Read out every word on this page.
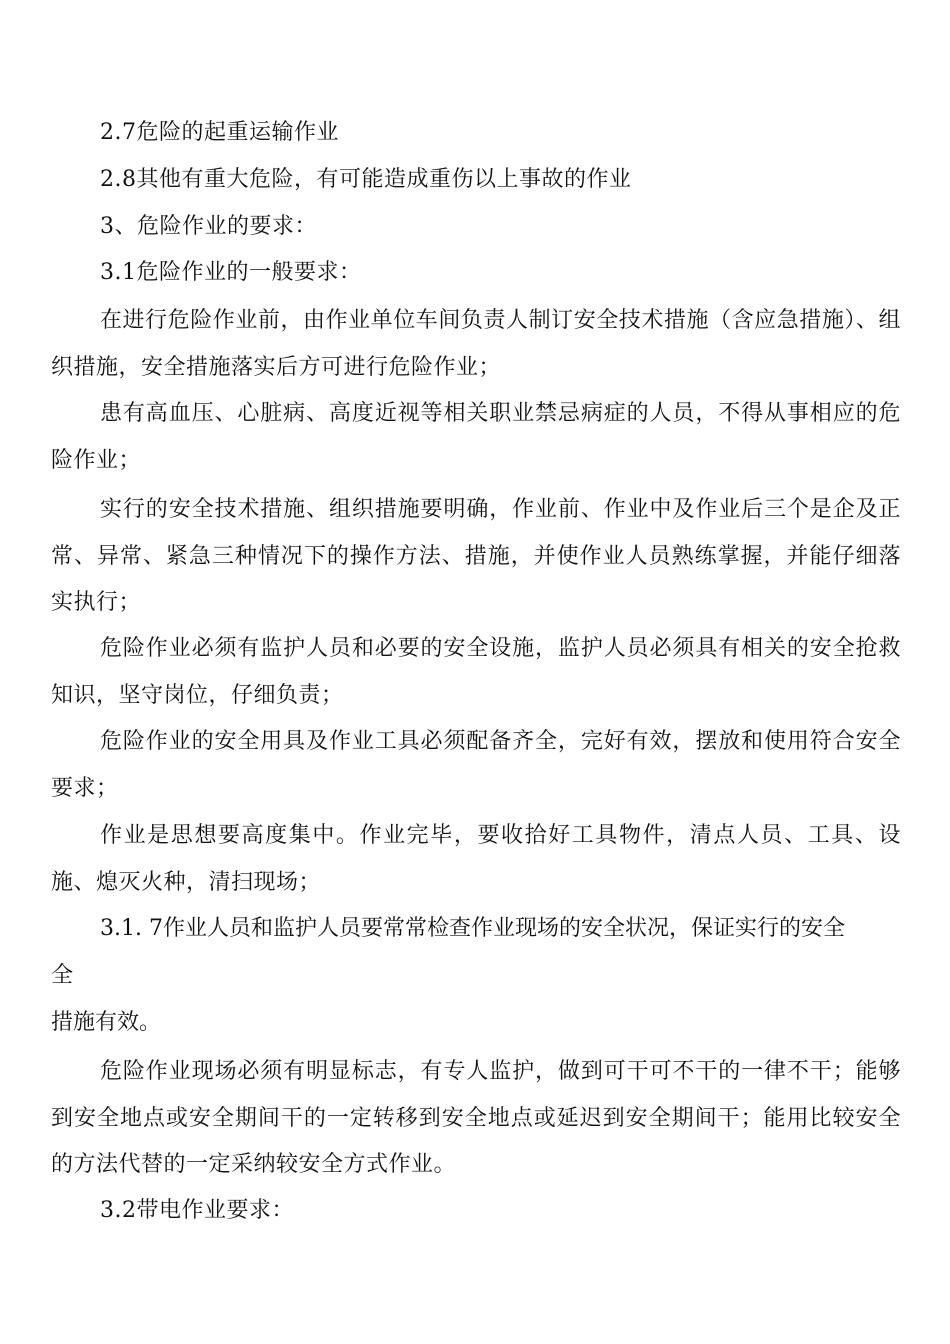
2.7危险的起重运输作业

2.8其他有重大危险，有可能造成重伤以上事故的作业

3、危险作业的要求：

3.1危险作业的一般要求：

在进行危险作业前，由作业单位车间负责人制订安全技术措施（含应急措施）、组织措施，安全措施落实后方可进行危险作业；

患有高血压、心脏病、高度近视等相关职业禁忌病症的人员，不得从事相应的危险作业；

实行的安全技术措施、组织措施要明确，作业前、作业中及作业后三个是企及正常、异常、紧急三种情况下的操作方法、措施，并使作业人员熟练掌握，并能仔细落实执行；

危险作业必须有监护人员和必要的安全设施，监护人员必须具有相关的安全抢救知识，坚守岗位，仔细负责；

危险作业的安全用具及作业工具必须配备齐全，完好有效，摆放和使用符合安全要求；

作业是思想要高度集中。作业完毕，要收拾好工具物件，清点人员、工具、设施、熄灭火种，清扫现场；

3.1. 7作业人员和监护人员要常常检查作业现场的安全状况，保证实行的安全

全

措施有效。

危险作业现场必须有明显标志，有专人监护，做到可干可不干的一律不干；能够到安全地点或安全期间干的一定转移到安全地点或延迟到安全期间干；能用比较安全的方法代替的一定采纳较安全方式作业。

3.2带电作业要求：
